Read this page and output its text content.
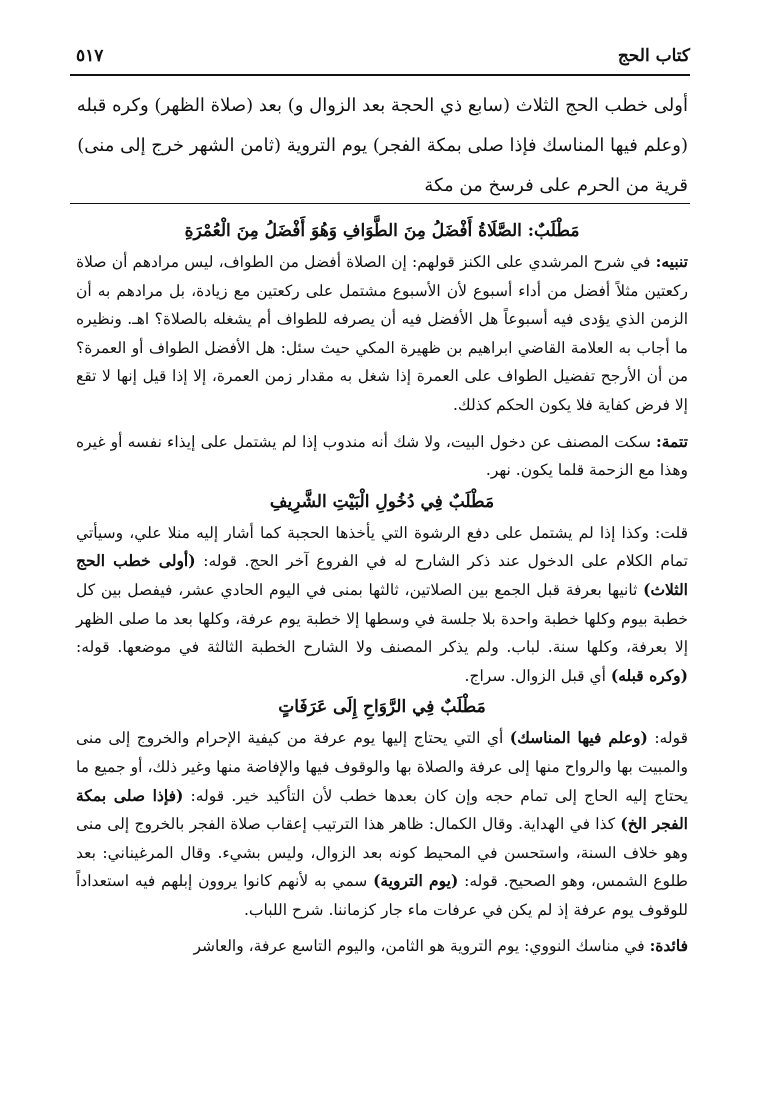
كتاب الحج
٥١٧
أولى خطب الحج الثلاث (سابع ذي الحجة بعد الزوال و) بعد (صلاة الظهر) وكره قبله
(وعلم فيها المناسك فإذا صلى بمكة الفجر) يوم التروية (ثامن الشهر خرج إلى منى)
قرية من الحرم على فرسخ من مكة

مَطْلَبٌ: الصَّلَاةُ أَفْضَلُ مِنَ الطَّوَافِ وَهُوَ أَفْضَلُ مِنَ الْعُمْرَةِ

تنبيه: في شرح المرشدي على الكنز قولهم: إن الصلاة أفضل من الطواف، ليس مرادهم أن صلاة ركعتين مثلاً أفضل من أداء أسبوع لأن الأسبوع مشتمل على ركعتين مع زيادة، بل مرادهم به أن الزمن الذي يؤدى فيه أسبوعاً هل الأفضل فيه أن يصرفه للطواف أم يشغله بالصلاة؟ اهـ. ونظيره ما أجاب به العلامة القاضي ابراهيم بن ظهيرة المكي حيث سئل: هل الأفضل الطواف أو العمرة؟ من أن الأرجح تفضيل الطواف على العمرة إذا شغل به مقدار زمن العمرة، إلا إذا قيل إنها لا تقع إلا فرض كفاية فلا يكون الحكم كذلك.

تتمة: سكت المصنف عن دخول البيت، ولا شك أنه مندوب إذا لم يشتمل على إيذاء نفسه أو غيره وهذا مع الزحمة قلما يكون. نهر.

مَطْلَبٌ فِي دُخُولِ الْبَيْتِ الشَّرِيفِ

قلت: وكذا إذا لم يشتمل على دفع الرشوة التي يأخذها الحجبة كما أشار إليه منلا علي، وسيأتي تمام الكلام على الدخول عند ذكر الشارح له في الفروع آخر الحج. قوله: (أولى خطب الحج الثلاث) ثانيها بعرفة قبل الجمع بين الصلاتين، ثالثها بمنى في اليوم الحادي عشر، فيفصل بين كل خطبة بيوم وكلها خطبة واحدة بلا جلسة في وسطها إلا خطبة يوم عرفة، وكلها بعد ما صلى الظهر إلا بعرفة، وكلها سنة. لباب. ولم يذكر المصنف ولا الشارح الخطبة الثالثة في موضعها. قوله: (وكره قبله) أي قبل الزوال. سراج.

مَطْلَبٌ فِي الرَّوَاحِ إِلَى عَرَفَاتٍ

قوله: (وعلم فيها المناسك) أي التي يحتاج إليها يوم عرفة من كيفية الإحرام والخروج إلى منى والمبيت بها والرواح منها إلى عرفة والصلاة بها والوقوف فيها والإفاضة منها وغير ذلك، أو جميع ما يحتاج إليه الحاج إلى تمام حجه وإن كان بعدها خطب لأن التأكيد خير. قوله: (فإذا صلى بمكة الفجر الخ) كذا في الهداية. وقال الكمال: ظاهر هذا الترتيب إعقاب صلاة الفجر بالخروج إلى منى وهو خلاف السنة، واستحسن في المحيط كونه بعد الزوال، وليس بشيء. وقال المرغيناني: بعد طلوع الشمس، وهو الصحيح. قوله: (يوم التروية) سمي به لأنهم كانوا يروون إبلهم فيه استعداداً للوقوف يوم عرفة إذ لم يكن في عرفات ماء جار كزماننا. شرح اللباب.

فائدة: في مناسك النووي: يوم التروية هو الثامن، واليوم التاسع عرفة، والعاشر
